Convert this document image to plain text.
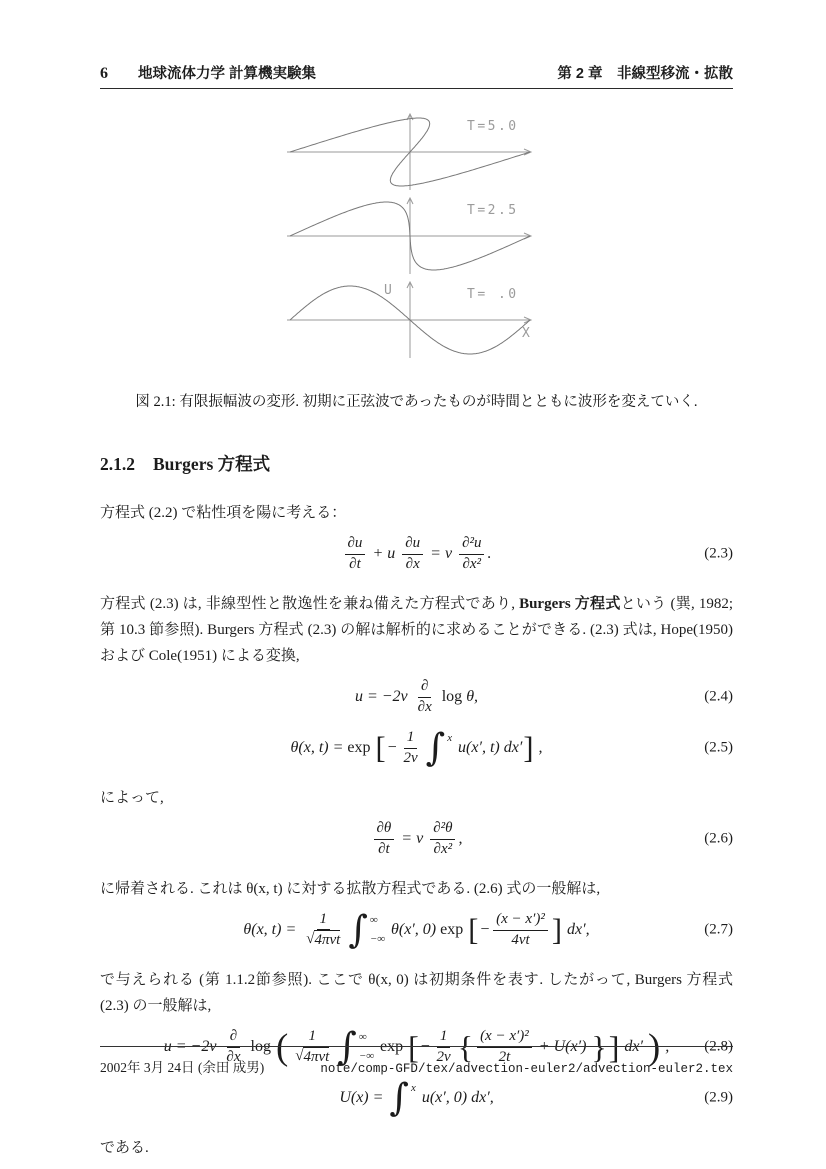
6 地球流体力学 計算機実験集	第 2 章　非線型移流・拡散
T=5.0
T=2.5
T= .0
U
X
図 2.1: 有限振幅波の変形. 初期に正弦波であったものが時間とともに波形を変えていく.
2.1.2 Burgers 方程式

方程式 (2.2) で粘性項を陽に考える：

$\frac{\partial u}{\partial t} + u \frac{\partial u}{\partial x} = \nu \frac{\text{∂²u}}{\text{∂x²}}$ .	(2.3)

方程式 (2.3) は, 非線型性と散逸性を兼ね備えた方程式であり, Burgers 方程式という (巽, 1982; 第 10.3 節参照). Burgers 方程式 (2.3) の解は解析的に求めることができる. (2.3) 式は, Hope(1950) および Cole(1951) による変換,

$u = -2\nu \frac{\partial}{\partial x}$ log θ,	(2.4)
θ(x, t) = exp [ − $\frac{1}{2\nu}$ ∫ x
u(x′, t) dx′ ] ,	(2.5)

によって,

$\frac{\partial\theta}{\partial t} = \nu \frac{\text{∂²θ}}{\text{∂x²}}$ ,	(2.6)

に帰着される. これは θ(x, t) に対する拡散方程式である. (2.6) 式の一般解は,

θ(x, $t) = \frac{1}{\text{√ 4πνt}}$ ∫ ∞
−∞
θ(x′, 0) exp [ − $\frac{\text{(x − x′)²}}{4\nu t}$ ] dx′,	(2.7)

で与えられる (第 1.1.2節参照). ここで θ(x, 0) は初期条件を表す. したがって, Burgers 方程式 (2.3) の一般解は,

$u = -2\nu \frac{\partial}{\partial x}$ log ( $\frac{1}{\text{√ 4πνt}}$ ∫ ∞
−∞
exp [ − $\frac{1}{2\nu}$ { $\frac{\text{(x − x′)²}}{2t} + U(x')$ } ] dx′ ) , (2.8)
U(x) = ∫ x
u(x′, 0) dx′,	(2.9)

である.

2002年 3月 24日 (余田 成男)	note/comp-GFD/tex/advection-euler2/advection-euler2.tex
